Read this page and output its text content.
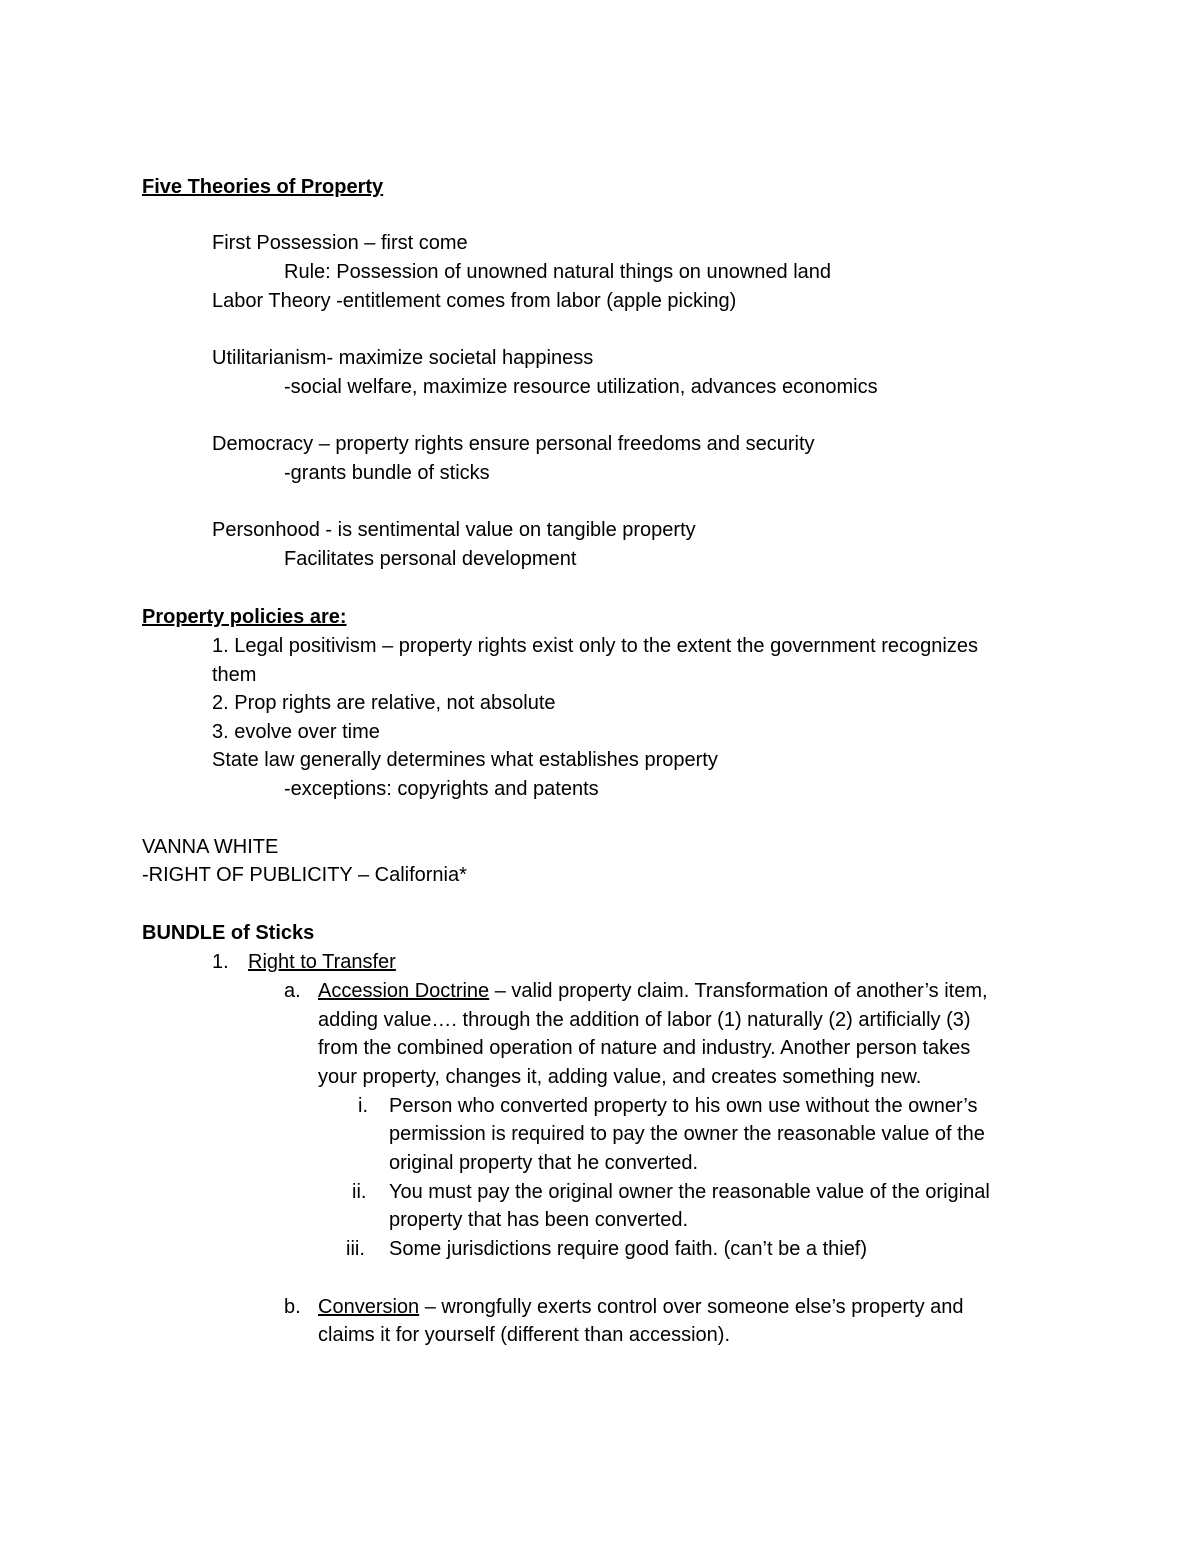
Five Theories of Property
First Possession – first come
Rule: Possession of unowned natural things on unowned land
Labor Theory -entitlement comes from labor (apple picking)
Utilitarianism- maximize societal happiness
-social welfare, maximize resource utilization, advances economics
Democracy – property rights ensure personal freedoms and security
-grants bundle of sticks
Personhood - is sentimental value on tangible property
Facilitates personal development
Property policies are:
1. Legal positivism – property rights exist only to the extent the government recognizes
them
2. Prop rights are relative, not absolute
3. evolve over time
State law generally determines what establishes property
-exceptions: copyrights and patents
VANNA WHITE
-RIGHT OF PUBLICITY – California*
BUNDLE of Sticks
1. Right to Transfer
a. Accession Doctrine – valid property claim. Transformation of another’s item,
adding value…. through the addition of labor (1) naturally (2) artificially (3)
from the combined operation of nature and industry. Another person takes
your property, changes it, adding value, and creates something new.
i. Person who converted property to his own use without the owner’s
permission is required to pay the owner the reasonable value of the
original property that he converted.
ii. You must pay the original owner the reasonable value of the original
property that has been converted.
iii. Some jurisdictions require good faith. (can’t be a thief)
b. Conversion – wrongfully exerts control over someone else’s property and
claims it for yourself (different than accession).
